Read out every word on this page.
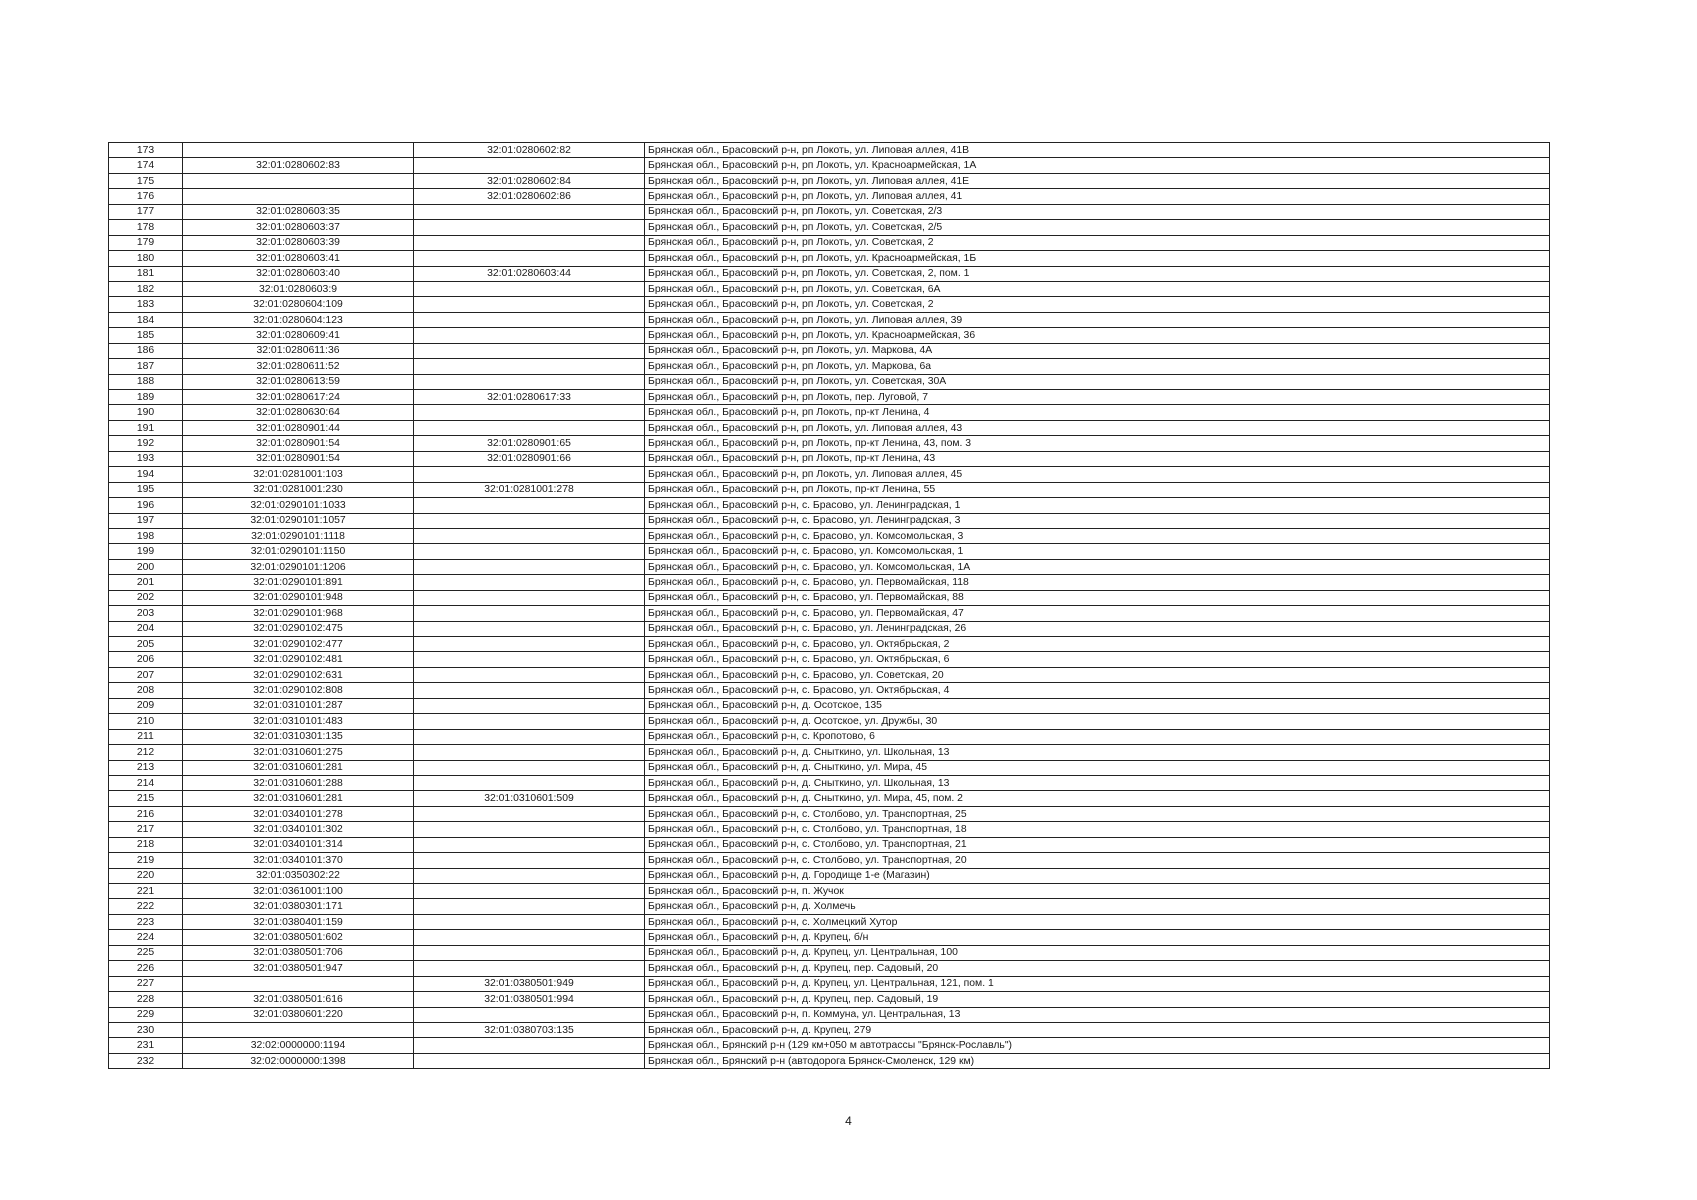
173		32:01:0280602:82	Брянская обл., Брасовский р-н, рп Локоть, ул. Липовая аллея, 41В
174	32:01:0280602:83		Брянская обл., Брасовский р-н, рп Локоть, ул. Красноармейская, 1А
175		32:01:0280602:84	Брянская обл., Брасовский р-н, рп Локоть, ул. Липовая аллея, 41Е
176		32:01:0280602:86	Брянская обл., Брасовский р-н, рп Локоть, ул. Липовая аллея, 41
177	32:01:0280603:35		Брянская обл., Брасовский р-н, рп Локоть, ул. Советская, 2/3
178	32:01:0280603:37		Брянская обл., Брасовский р-н, рп Локоть, ул. Советская, 2/5
179	32:01:0280603:39		Брянская обл., Брасовский р-н, рп Локоть, ул. Советская, 2
180	32:01:0280603:41		Брянская обл., Брасовский р-н, рп Локоть, ул. Красноармейская, 1Б
181	32:01:0280603:40	32:01:0280603:44	Брянская обл., Брасовский р-н, рп Локоть, ул. Советская, 2, пом. 1
182	32:01:0280603:9		Брянская обл., Брасовский р-н, рп Локоть, ул. Советская, 6А
183	32:01:0280604:109		Брянская обл., Брасовский р-н, рп Локоть, ул. Советская, 2
184	32:01:0280604:123		Брянская обл., Брасовский р-н, рп Локоть, ул. Липовая аллея, 39
185	32:01:0280609:41		Брянская обл., Брасовский р-н, рп Локоть, ул. Красноармейская, 36
186	32:01:0280611:36		Брянская обл., Брасовский р-н, рп Локоть, ул. Маркова, 4А
187	32:01:0280611:52		Брянская обл., Брасовский р-н, рп Локоть, ул. Маркова, 6а
188	32:01:0280613:59		Брянская обл., Брасовский р-н, рп Локоть, ул. Советская, 30А
189	32:01:0280617:24	32:01:0280617:33	Брянская обл., Брасовский р-н, рп Локоть, пер. Луговой, 7
190	32:01:0280630:64		Брянская обл., Брасовский р-н, рп Локоть, пр-кт Ленина, 4
191	32:01:0280901:44		Брянская обл., Брасовский р-н, рп Локоть, ул. Липовая аллея, 43
192	32:01:0280901:54	32:01:0280901:65	Брянская обл., Брасовский р-н, рп Локоть, пр-кт Ленина, 43, пом. 3
193	32:01:0280901:54	32:01:0280901:66	Брянская обл., Брасовский р-н, рп Локоть, пр-кт Ленина, 43
194	32:01:0281001:103		Брянская обл., Брасовский р-н, рп Локоть, ул. Липовая аллея, 45
195	32:01:0281001:230	32:01:0281001:278	Брянская обл., Брасовский р-н, рп Локоть, пр-кт Ленина, 55
196	32:01:0290101:1033		Брянская обл., Брасовский р-н, с. Брасово, ул. Ленинградская, 1
197	32:01:0290101:1057		Брянская обл., Брасовский р-н, с. Брасово, ул. Ленинградская, 3
198	32:01:0290101:1118		Брянская обл., Брасовский р-н, с. Брасово, ул. Комсомольская, 3
199	32:01:0290101:1150		Брянская обл., Брасовский р-н, с. Брасово, ул. Комсомольская, 1
200	32:01:0290101:1206		Брянская обл., Брасовский р-н, с. Брасово, ул. Комсомольская, 1А
201	32:01:0290101:891		Брянская обл., Брасовский р-н, с. Брасово, ул. Первомайская, 118
202	32:01:0290101:948		Брянская обл., Брасовский р-н, с. Брасово, ул. Первомайская, 88
203	32:01:0290101:968		Брянская обл., Брасовский р-н, с. Брасово, ул. Первомайская, 47
204	32:01:0290102:475		Брянская обл., Брасовский р-н, с. Брасово, ул. Ленинградская, 26
205	32:01:0290102:477		Брянская обл., Брасовский р-н, с. Брасово, ул. Октябрьская, 2
206	32:01:0290102:481		Брянская обл., Брасовский р-н, с. Брасово, ул. Октябрьская, 6
207	32:01:0290102:631		Брянская обл., Брасовский р-н, с. Брасово, ул. Советская, 20
208	32:01:0290102:808		Брянская обл., Брасовский р-н, с. Брасово, ул. Октябрьская, 4
209	32:01:0310101:287		Брянская обл., Брасовский р-н, д. Осотское, 135
210	32:01:0310101:483		Брянская обл., Брасовский р-н, д. Осотское, ул. Дружбы, 30
211	32:01:0310301:135		Брянская обл., Брасовский р-н, с. Кропотово, 6
212	32:01:0310601:275		Брянская обл., Брасовский р-н, д. Сныткино, ул. Школьная, 13
213	32:01:0310601:281		Брянская обл., Брасовский р-н, д. Сныткино, ул. Мира, 45
214	32:01:0310601:288		Брянская обл., Брасовский р-н, д. Сныткино, ул. Школьная, 13
215	32:01:0310601:281	32:01:0310601:509	Брянская обл., Брасовский р-н, д. Сныткино, ул. Мира, 45, пом. 2
216	32:01:0340101:278		Брянская обл., Брасовский р-н, с. Столбово, ул. Транспортная, 25
217	32:01:0340101:302		Брянская обл., Брасовский р-н, с. Столбово, ул. Транспортная, 18
218	32:01:0340101:314		Брянская обл., Брасовский р-н, с. Столбово, ул. Транспортная, 21
219	32:01:0340101:370		Брянская обл., Брасовский р-н, с. Столбово, ул. Транспортная, 20
220	32:01:0350302:22		Брянская обл., Брасовский р-н, д. Городище 1-е (Магазин)
221	32:01:0361001:100		Брянская обл., Брасовский р-н, п. Жучок
222	32:01:0380301:171		Брянская обл., Брасовский р-н, д. Холмечь
223	32:01:0380401:159		Брянская обл., Брасовский р-н, с. Холмецкий Хутор
224	32:01:0380501:602		Брянская обл., Брасовский р-н, д. Крупец, б/н
225	32:01:0380501:706		Брянская обл., Брасовский р-н, д. Крупец, ул. Центральная, 100
226	32:01:0380501:947		Брянская обл., Брасовский р-н, д. Крупец, пер. Садовый, 20
227		32:01:0380501:949	Брянская обл., Брасовский р-н, д. Крупец, ул. Центральная, 121, пом. 1
228	32:01:0380501:616	32:01:0380501:994	Брянская обл., Брасовский р-н, д. Крупец, пер. Садовый, 19
229	32:01:0380601:220		Брянская обл., Брасовский р-н, п. Коммуна, ул. Центральная, 13
230		32:01:0380703:135	Брянская обл., Брасовский р-н, д. Крупец, 279
231	32:02:0000000:1194		Брянская обл., Брянский р-н (129 км+050 м автотрассы "Брянск-Рославль")
232	32:02:0000000:1398		Брянская обл., Брянский р-н (автодорога Брянск-Смоленск, 129 км)
4
